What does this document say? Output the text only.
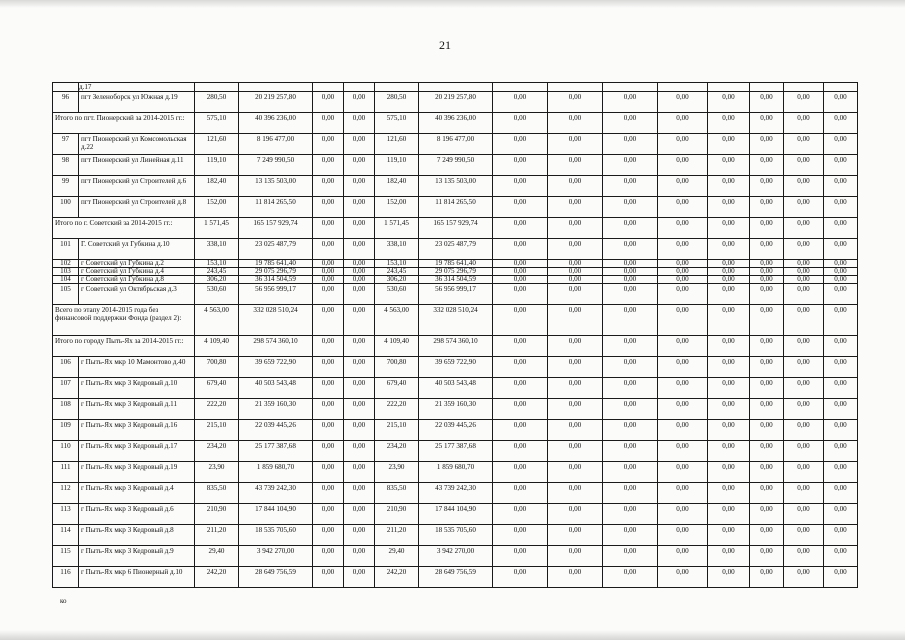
21
	д.17														
96	пгт Зеленоборск ул Южная д.19	280,50	20 219 257,80	0,00	0,00	280,50	20 219 257,80	0,00	0,00	0,00	0,00	0,00	0,00	0,00	0,00
Итого по пгт. Пионерский за 2014-2015 гг.:		575,10	40 396 236,00	0,00	0,00	575,10	40 396 236,00	0,00	0,00	0,00	0,00	0,00	0,00	0,00	0,00
97	пгт Пионерский ул Комсомольская д.22	121,60	8 196 477,00	0,00	0,00	121,60	8 196 477,00	0,00	0,00	0,00	0,00	0,00	0,00	0,00	0,00
98	пгт Пионерский ул Линейная д.11	119,10	7 249 990,50	0,00	0,00	119,10	7 249 990,50	0,00	0,00	0,00	0,00	0,00	0,00	0,00	0,00
99	пгт Пионерский ул Строителей д.6	182,40	13 135 503,00	0,00	0,00	182,40	13 135 503,00	0,00	0,00	0,00	0,00	0,00	0,00	0,00	0,00
100	пгт Пионерский ул Строителей д.8	152,00	11 814 265,50	0,00	0,00	152,00	11 814 265,50	0,00	0,00	0,00	0,00	0,00	0,00	0,00	0,00
Итого по г. Советский за 2014-2015 гг.:		1 571,45	165 157 929,74	0,00	0,00	1 571,45	165 157 929,74	0,00	0,00	0,00	0,00	0,00	0,00	0,00	0,00
101	Г. Советский ул Губкина д.10	338,10	23 025 487,79	0,00	0,00	338,10	23 025 487,79	0,00	0,00	0,00	0,00	0,00	0,00	0,00	0,00
102	г Советский ул Губкина д.2	153,10	19 785 641,40	0,00	0,00	153,10	19 785 641,40	0,00	0,00	0,00	0,00	0,00	0,00	0,00	0,00
103	г Советский ул Губкина д.4	243,45	29 075 296,79	0,00	0,00	243,45	29 075 296,79	0,00	0,00	0,00	0,00	0,00	0,00	0,00	0,00
104	г Советский ул Губкина д.8	306,20	36 314 504,59	0,00	0,00	306,20	36 314 504,59	0,00	0,00	0,00	0,00	0,00	0,00	0,00	0,00
105	г Советский ул Октябрьская д.3	530,60	56 956 999,17	0,00	0,00	530,60	56 956 999,17	0,00	0,00	0,00	0,00	0,00	0,00	0,00	0,00
Всего по этапу 2014-2015 года без финансовой поддержки Фонда (раздел 2):		4 563,00	332 028 510,24	0,00	0,00	4 563,00	332 028 510,24	0,00	0,00	0,00	0,00	0,00	0,00	0,00	0,00
Итого по городу Пыть-Ях за 2014-2015 гг.:		4 109,40	298 574 360,10	0,00	0,00	4 109,40	298 574 360,10	0,00	0,00	0,00	0,00	0,00	0,00	0,00	0,00
106	г Пыть-Ях мкр 10 Мамонтово д.40	700,80	39 659 722,90	0,00	0,00	700,80	39 659 722,90	0,00	0,00	0,00	0,00	0,00	0,00	0,00	0,00
107	г Пыть-Ях мкр 3 Кедровый д.10	679,40	40 503 543,48	0,00	0,00	679,40	40 503 543,48	0,00	0,00	0,00	0,00	0,00	0,00	0,00	0,00
108	г Пыть-Ях мкр 3 Кедровый д.11	222,20	21 359 160,30	0,00	0,00	222,20	21 359 160,30	0,00	0,00	0,00	0,00	0,00	0,00	0,00	0,00
109	г Пыть-Ях мкр 3 Кедровый д.16	215,10	22 039 445,26	0,00	0,00	215,10	22 039 445,26	0,00	0,00	0,00	0,00	0,00	0,00	0,00	0,00
110	г Пыть-Ях мкр 3 Кедровый д.17	234,20	25 177 387,68	0,00	0,00	234,20	25 177 387,68	0,00	0,00	0,00	0,00	0,00	0,00	0,00	0,00
111	г Пыть-Ях мкр 3 Кедровый д.19	23,90	1 859 680,70	0,00	0,00	23,90	1 859 680,70	0,00	0,00	0,00	0,00	0,00	0,00	0,00	0,00
112	г Пыть-Ях мкр 3 Кедровый д.4	835,50	43 739 242,30	0,00	0,00	835,50	43 739 242,30	0,00	0,00	0,00	0,00	0,00	0,00	0,00	0,00
113	г Пыть-Ях мкр 3 Кедровый д.6	210,90	17 844 104,90	0,00	0,00	210,90	17 844 104,90	0,00	0,00	0,00	0,00	0,00	0,00	0,00	0,00
114	г Пыть-Ях мкр 3 Кедровый д.8	211,20	18 535 705,60	0,00	0,00	211,20	18 535 705,60	0,00	0,00	0,00	0,00	0,00	0,00	0,00	0,00
115	г Пыть-Ях мкр 3 Кедровый д.9	29,40	3 942 270,00	0,00	0,00	29,40	3 942 270,00	0,00	0,00	0,00	0,00	0,00	0,00	0,00	0,00
116	г Пыть-Ях мкр 6 Пионерный д.10	242,20	28 649 756,59	0,00	0,00	242,20	28 649 756,59	0,00	0,00	0,00	0,00	0,00	0,00	0,00	0,00
ко
